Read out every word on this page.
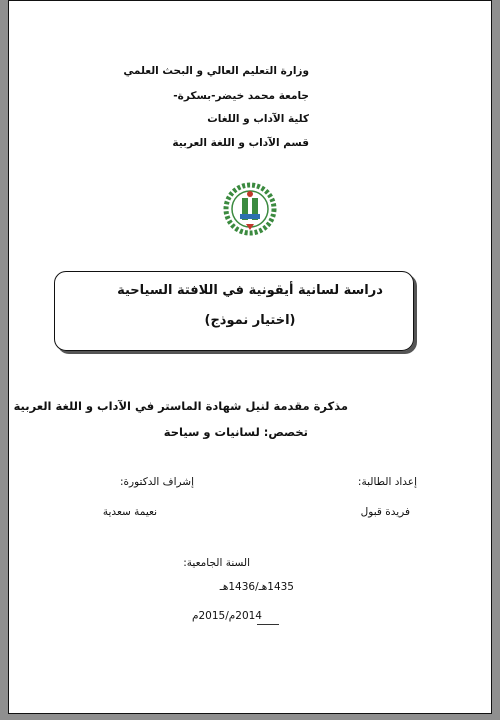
وزارة التعليم العالي و البحث العلمي
جامعة محمد خيضر-بسكرة-
كلية الآداب و اللغات
قسم الآداب و اللغة العربية
دراسة لسانية أيقونية في اللافتة السياحية
(اختيار نموذج)
مذكرة مقدمة لنيل شهادة الماستر في الآداب و اللغة العربية
تخصص: لسانيات و سياحة
إعداد الطالبة:
إشراف الدكتورة:
فريدة قبول
نعيمة سعدية
السنة الجامعية:
1435هـ/1436هـ
2014م/2015م
